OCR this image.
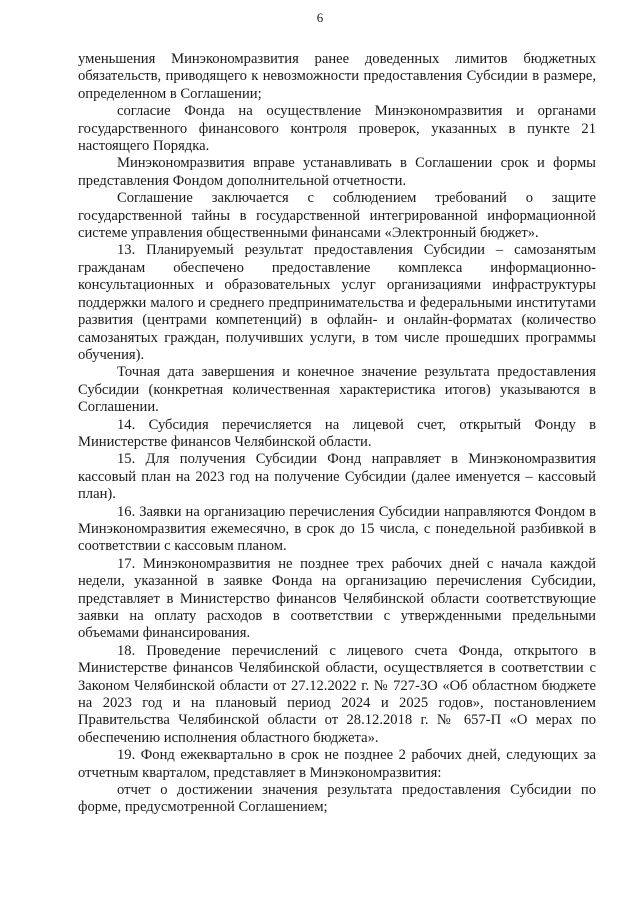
6

уменьшения Минэкономразвития ранее доведенных лимитов бюджетных обязательств, приводящего к невозможности предоставления Субсидии в размере, определенном в Соглашении;

согласие Фонда на осуществление Минэкономразвития и органами государственного финансового контроля проверок, указанных в пункте 21 настоящего Порядка.

Минэкономразвития вправе устанавливать в Соглашении срок и формы представления Фондом дополнительной отчетности.

Соглашение заключается с соблюдением требований о защите государственной тайны в государственной интегрированной информационной системе управления общественными финансами «Электронный бюджет».

13. Планируемый результат предоставления Субсидии – самозанятым гражданам обеспечено предоставление комплекса информационно-консультационных и образовательных услуг организациями инфраструктуры поддержки малого и среднего предпринимательства и федеральными институтами развития (центрами компетенций) в офлайн- и онлайн-форматах (количество самозанятых граждан, получивших услуги, в том числе прошедших программы обучения).

Точная дата завершения и конечное значение результата предоставления Субсидии (конкретная количественная характеристика итогов) указываются в Соглашении.

14. Субсидия перечисляется на лицевой счет, открытый Фонду в Министерстве финансов Челябинской области.

15. Для получения Субсидии Фонд направляет в Минэкономразвития кассовый план на 2023 год на получение Субсидии (далее именуется – кассовый план).

16. Заявки на организацию перечисления Субсидии направляются Фондом в Минэкономразвития ежемесячно, в срок до 15 числа, с понедельной разбивкой в соответствии с кассовым планом.

17. Минэкономразвития не позднее трех рабочих дней с начала каждой недели, указанной в заявке Фонда на организацию перечисления Субсидии, представляет в Министерство финансов Челябинской области соответствующие заявки на оплату расходов в соответствии с утвержденными предельными объемами финансирования.

18. Проведение перечислений с лицевого счета Фонда, открытого в Министерстве финансов Челябинской области, осуществляется в соответствии с Законом Челябинской области от 27.12.2022 г. № 727-ЗО «Об областном бюджете на 2023 год и на плановый период 2024 и 2025 годов», постановлением Правительства Челябинской области от 28.12.2018 г. № 657-П «О мерах по обеспечению исполнения областного бюджета».

19. Фонд ежеквартально в срок не позднее 2 рабочих дней, следующих за отчетным кварталом, представляет в Минэкономразвития:

отчет о достижении значения результата предоставления Субсидии по форме, предусмотренной Соглашением;
